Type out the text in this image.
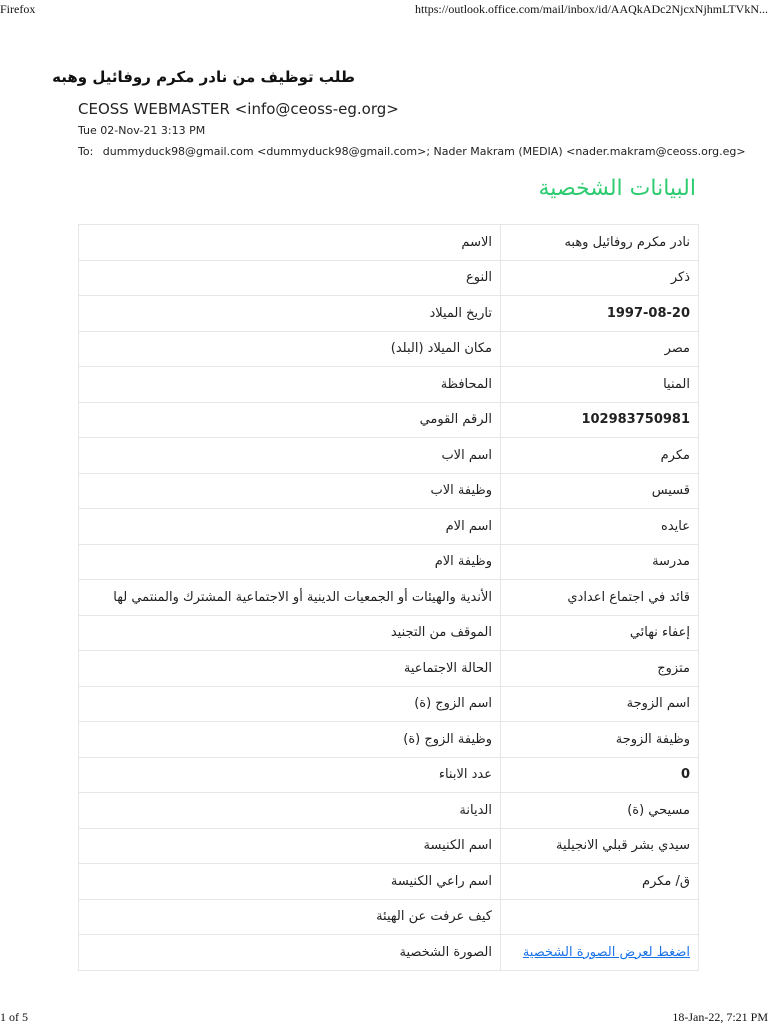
Firefox	https://outlook.office.com/mail/inbox/id/AAQkADc2NjcxNjhmLTVkN...
طلب توظيف من نادر مكرم روفائيل وهبه
CEOSS WEBMASTER <info@ceoss-eg.org>
Tue 02-Nov-21 3:13 PM
To: dummyduck98@gmail.com <dummyduck98@gmail.com>; Nader Makram (MEDIA) <nader.makram@ceoss.org.eg>
البيانات الشخصية
الاسم	نادر مكرم روفائيل وهبه
النوع	ذكر
تاريخ الميلاد	1997-08-20
مكان الميلاد (البلد)	مصر
المحافظة	المنيا
الرقم القومي	102983750981
اسم الاب	مكرم
وظيفة الاب	قسيس
اسم الام	عايده
وظيفة الام	مدرسة
الأندية والهيئات أو الجمعيات الدينية أو الاجتماعية المشترك والمنتمي لها	قائد في اجتماع اعدادي
الموقف من التجنيد	إعفاء نهائي
الحالة الاجتماعية	متزوج
اسم الزوج (ة)	اسم الزوجة
وظيفة الزوج (ة)	وظيفة الزوجة
عدد الابناء	0
الديانة	مسيحي (ة)
اسم الكنيسة	سيدي بشر قبلي الانجيلية
اسم راعي الكنيسة	ق/ مكرم
كيف عرفت عن الهيئة	
الصورة الشخصية	اضغط لعرض الصورة الشخصية
1 of 5	18-Jan-22, 7:21 PM
